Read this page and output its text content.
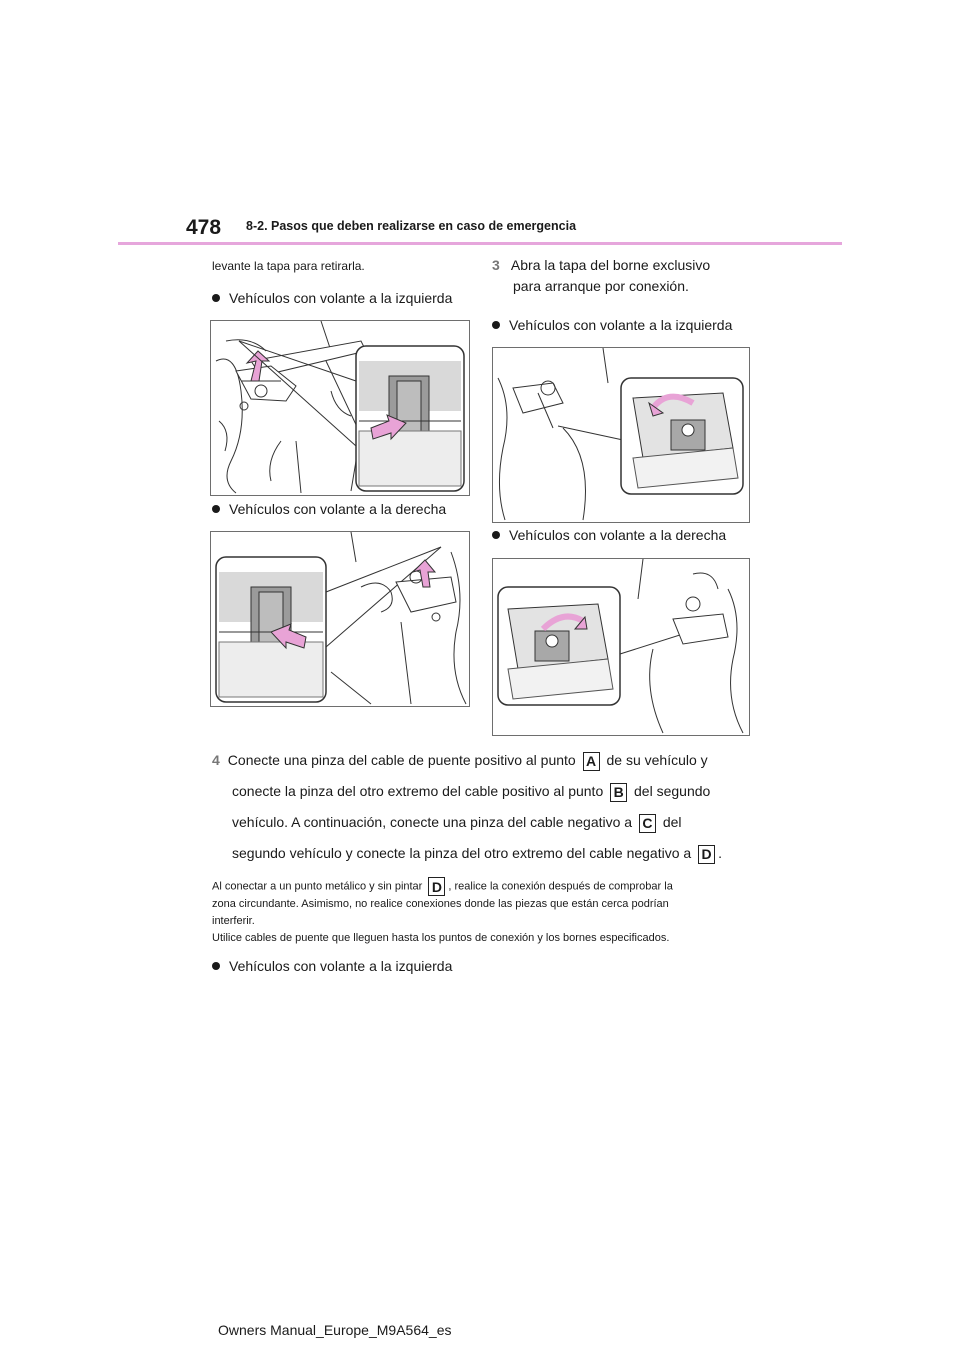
478 8-2. Pasos que deben realizarse en caso de emergencia
levante la tapa para retirarla.
Vehículos con volante a la izquierda
Vehículos con volante a la derecha
3 Abra la tapa del borne exclusivo
para arranque por conexión.
Vehículos con volante a la izquierda
Vehículos con volante a la derecha
4 Conecte una pinza del cable de puente positivo al punto A de su vehículo y
conecte la pinza del otro extremo del cable positivo al punto B del segundo
vehículo. A continuación, conecte una pinza del cable negativo a C del
segundo vehículo y conecte la pinza del otro extremo del cable negativo a D .
Al conectar a un punto metálico y sin pintar D , realice la conexión después de comprobar la
zona circundante. Asimismo, no realice conexiones donde las piezas que están cerca podrían
interferir.
Utilice cables de puente que lleguen hasta los puntos de conexión y los bornes especificados.
Vehículos con volante a la izquierda
Owners Manual_Europe_M9A564_es
